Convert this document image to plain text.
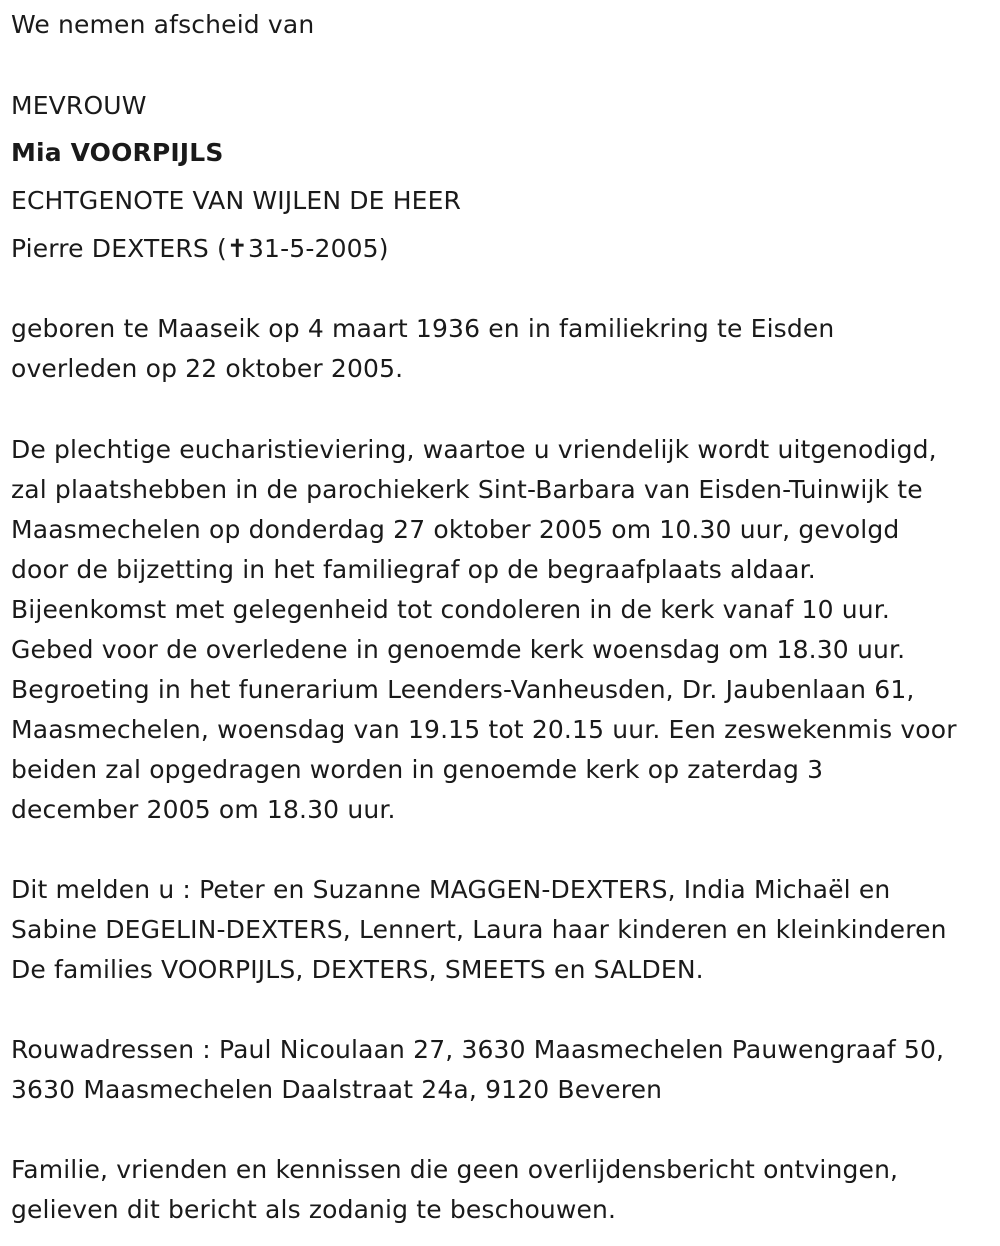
We nemen afscheid van
MEVROUW
Mia VOORPIJLS
ECHTGENOTE VAN WIJLEN DE HEER
Pierre DEXTERS (✝31-5-2005)
geboren te Maaseik op 4 maart 1936 en in familiekring te Eisden
overleden op 22 oktober 2005.
De plechtige eucharistieviering, waartoe u vriendelijk wordt uitgenodigd,
zal plaatshebben in de parochiekerk Sint-Barbara van Eisden-Tuinwijk te
Maasmechelen op donderdag 27 oktober 2005 om 10.30 uur, gevolgd
door de bijzetting in het familiegraf op de begraafplaats aldaar.
Bijeenkomst met gelegenheid tot condoleren in de kerk vanaf 10 uur.
Gebed voor de overledene in genoemde kerk woensdag om 18.30 uur.
Begroeting in het funerarium Leenders-Vanheusden, Dr. Jaubenlaan 61,
Maasmechelen, woensdag van 19.15 tot 20.15 uur. Een zeswekenmis voor
beiden zal opgedragen worden in genoemde kerk op zaterdag 3
december 2005 om 18.30 uur.
Dit melden u : Peter en Suzanne MAGGEN-DEXTERS, India Michaël en
Sabine DEGELIN-DEXTERS, Lennert, Laura haar kinderen en kleinkinderen
De families VOORPIJLS, DEXTERS, SMEETS en SALDEN.
Rouwadressen : Paul Nicoulaan 27, 3630 Maasmechelen Pauwengraaf 50,
3630 Maasmechelen Daalstraat 24a, 9120 Beveren
Familie, vrienden en kennissen die geen overlijdensbericht ontvingen,
gelieven dit bericht als zodanig te beschouwen.
